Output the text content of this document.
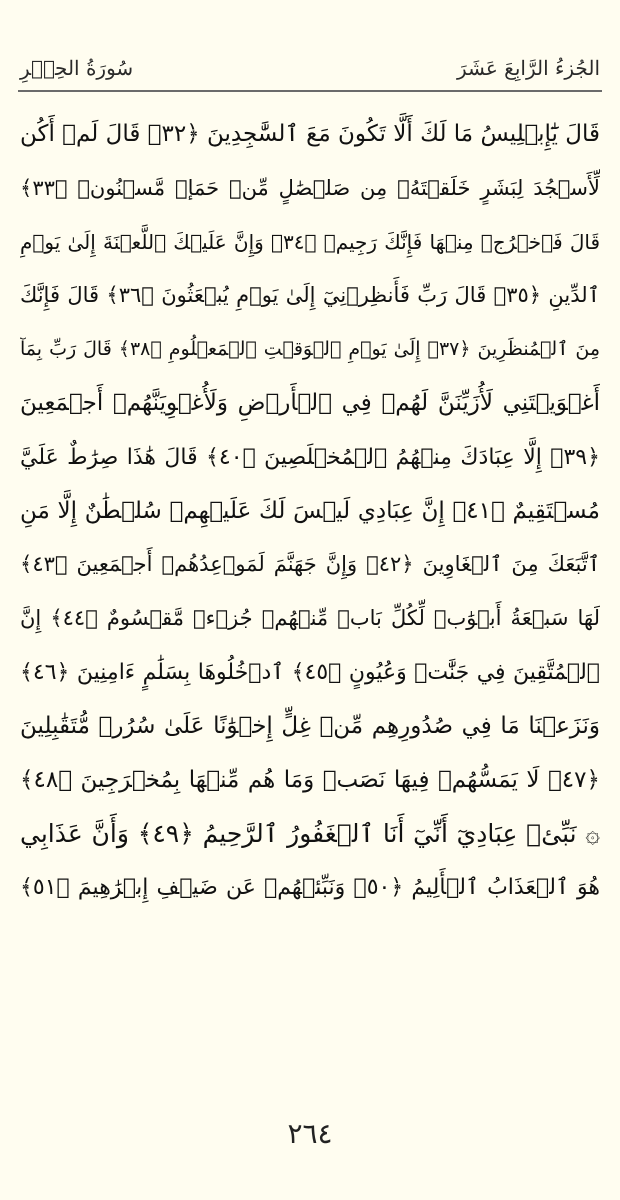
سُورَةُ الحِجۡرِ	الجُزءُ الرَّابِعَ عَشَرَ
قَالَ يَٰٓإِبۡلِيسُ مَا لَكَ أَلَّا تَكُونَ مَعَ ٱلسَّٰجِدِينَ ﴿٣٢﴾ قَالَ لَمۡ أَكُن
لِّأَسۡجُدَ لِبَشَرٍ خَلَقۡتَهُۥ مِن صَلۡصَٰلٍ مِّنۡ حَمَإٖ مَّسۡنُونٖ ﴿٣٣﴾
قَالَ فَٱخۡرُجۡ مِنۡهَا فَإِنَّكَ رَجِيمٞ ﴿٣٤﴾ وَإِنَّ عَلَيۡكَ ٱللَّعۡنَةَ إِلَىٰ يَوۡمِ
ٱلدِّينِ ﴿٣٥﴾ قَالَ رَبِّ فَأَنظِرۡنِيٓ إِلَىٰ يَوۡمِ يُبۡعَثُونَ ﴿٣٦﴾ قَالَ فَإِنَّكَ
مِنَ ٱلۡمُنظَرِينَ ﴿٣٧﴾ إِلَىٰ يَوۡمِ ٱلۡوَقۡتِ ٱلۡمَعۡلُومِ ﴿٣٨﴾ قَالَ رَبِّ بِمَآ
أَغۡوَيۡتَنِي لَأُزَيِّنَنَّ لَهُمۡ فِي ٱلۡأَرۡضِ وَلَأُغۡوِيَنَّهُمۡ أَجۡمَعِينَ
﴿٣٩﴾ إِلَّا عِبَادَكَ مِنۡهُمُ ٱلۡمُخۡلَصِينَ ﴿٤٠﴾ قَالَ هَٰذَا صِرَٰطٌ عَلَيَّ
مُسۡتَقِيمٌ ﴿٤١﴾ إِنَّ عِبَادِي لَيۡسَ لَكَ عَلَيۡهِمۡ سُلۡطَٰنٌ إِلَّا مَنِ
ٱتَّبَعَكَ مِنَ ٱلۡغَاوِينَ ﴿٤٢﴾ وَإِنَّ جَهَنَّمَ لَمَوۡعِدُهُمۡ أَجۡمَعِينَ ﴿٤٣﴾
لَهَا سَبۡعَةُ أَبۡوَٰبٖ لِّكُلِّ بَابٖ مِّنۡهُمۡ جُزۡءٞ مَّقۡسُومٌ ﴿٤٤﴾ إِنَّ
ٱلۡمُتَّقِينَ فِي جَنَّٰتٖ وَعُيُونٍ ﴿٤٥﴾ ٱدۡخُلُوهَا بِسَلَٰمٍ ءَامِنِينَ ﴿٤٦﴾
وَنَزَعۡنَا مَا فِي صُدُورِهِم مِّنۡ غِلٍّ إِخۡوَٰنًا عَلَىٰ سُرُرٖ مُّتَقَٰبِلِينَ
﴿٤٧﴾ لَا يَمَسُّهُمۡ فِيهَا نَصَبٞ وَمَا هُم مِّنۡهَا بِمُخۡرَجِينَ ﴿٤٨﴾
۞ نَبِّئۡ عِبَادِيٓ أَنِّيٓ أَنَا ٱلۡغَفُورُ ٱلرَّحِيمُ ﴿٤٩﴾ وَأَنَّ عَذَابِي
هُوَ ٱلۡعَذَابُ ٱلۡأَلِيمُ ﴿٥٠﴾ وَنَبِّئۡهُمۡ عَن ضَيۡفِ إِبۡرَٰهِيمَ ﴿٥١﴾
٢٦٤
